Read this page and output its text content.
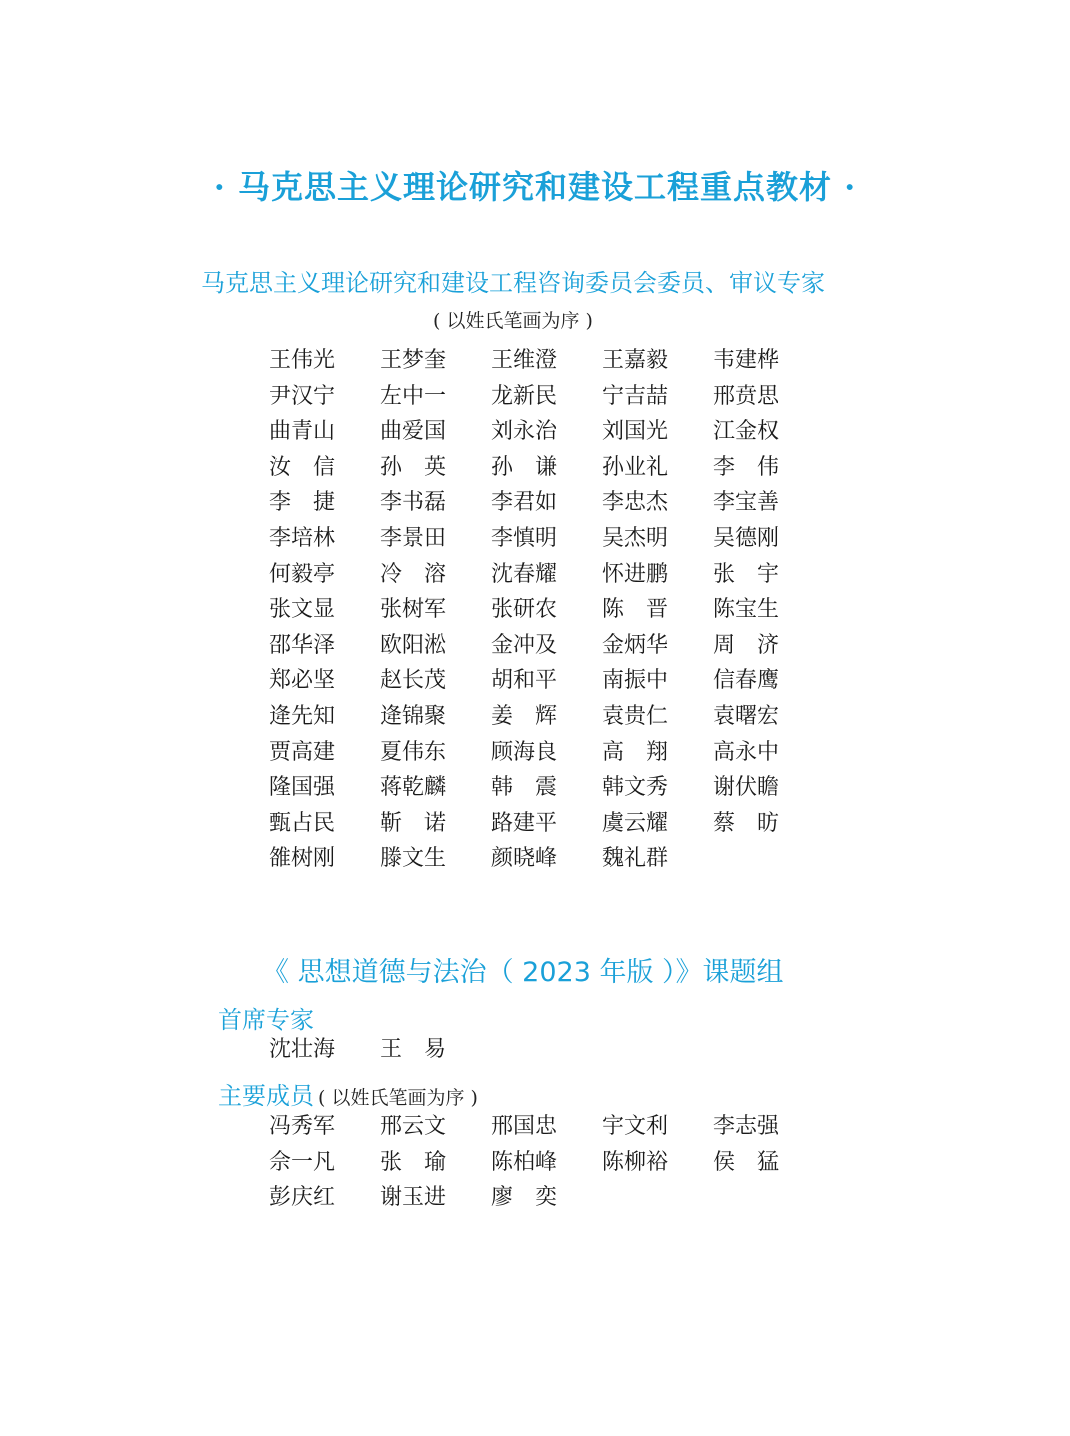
· 马克思主义理论研究和建设工程重点教材 ·
马克思主义理论研究和建设工程咨询委员会委员、审议专家
( 以姓氏笔画为序 )
王伟光 王梦奎 王维澄 王嘉毅 韦建桦
尹汉宁 左中一 龙新民 宁吉喆 邢贲思
曲青山 曲爱国 刘永治 刘国光 江金权
汝信 孙英 孙谦 孙业礼 李伟
李捷 李书磊 李君如 李忠杰 李宝善
李培林 李景田 李慎明 吴杰明 吴德刚
何毅亭 冷溶 沈春耀 怀进鹏 张宇
张文显 张树军 张研农 陈晋 陈宝生
邵华泽 欧阳淞 金冲及 金炳华 周济
郑必坚 赵长茂 胡和平 南振中 信春鹰
逄先知 逄锦聚 姜辉 袁贵仁 袁曙宏
贾高建 夏伟东 顾海良 高翔 高永中
隆国强 蒋乾麟 韩震 韩文秀 谢伏瞻
甄占民 靳诺 路建平 虞云耀 蔡昉
雒树刚 滕文生 颜晓峰 魏礼群
《 思想道德与法治（ 2023 年版 ）》课题组
首席专家
沈壮海 王易
主要成员 ( 以姓氏笔画为序 )
冯秀军 邢云文 邢国忠 宇文利 李志强
佘一凡 张瑜 陈柏峰 陈柳裕 侯猛
彭庆红 谢玉进 廖奕
